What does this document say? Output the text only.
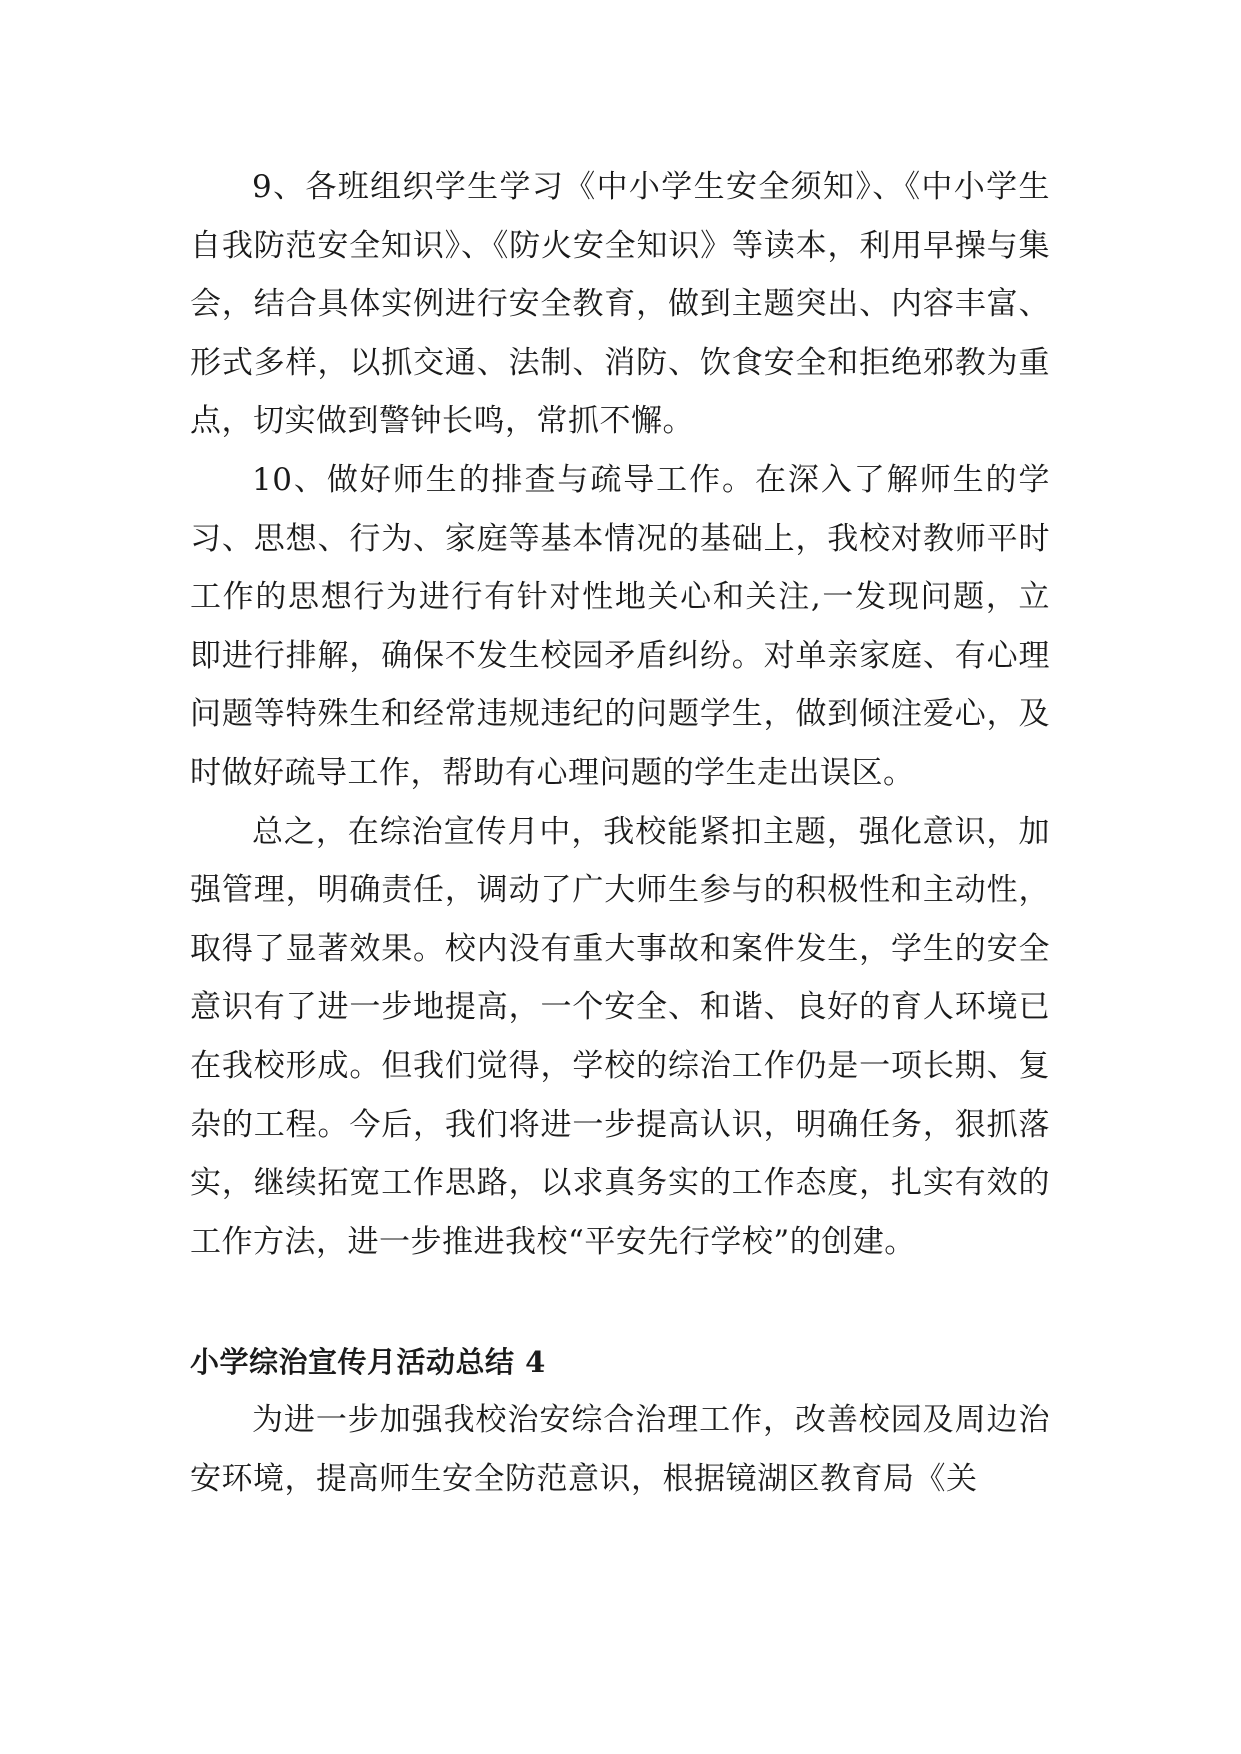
9、各班组织学生学习《中小学生安全须知》、《中小学生自我防范安全知识》、《防火安全知识》等读本，利用早操与集会，结合具体实例进行安全教育，做到主题突出、内容丰富、形式多样，以抓交通、法制、消防、饮食安全和拒绝邪教为重点，切实做到警钟长鸣，常抓不懈。

10、做好师生的排查与疏导工作。在深入了解师生的学习、思想、行为、家庭等基本情况的基础上，我校对教师平时工作的思想行为进行有针对性地关心和关注,一发现问题，立即进行排解，确保不发生校园矛盾纠纷。对单亲家庭、有心理问题等特殊生和经常违规违纪的问题学生，做到倾注爱心，及时做好疏导工作，帮助有心理问题的学生走出误区。

总之，在综治宣传月中，我校能紧扣主题，强化意识，加强管理，明确责任，调动了广大师生参与的积极性和主动性，取得了显著效果。校内没有重大事故和案件发生，学生的安全意识有了进一步地提高，一个安全、和谐、良好的育人环境已在我校形成。但我们觉得，学校的综治工作仍是一项长期、复杂的工程。今后，我们将进一步提高认识，明确任务，狠抓落实，继续拓宽工作思路，以求真务实的工作态度，扎实有效的工作方法，进一步推进我校“平安先行学校”的创建。

小学综治宣传月活动总结 4

为进一步加强我校治安综合治理工作，改善校园及周边治安环境，提高师生安全防范意识，根据镜湖区教育局《关
